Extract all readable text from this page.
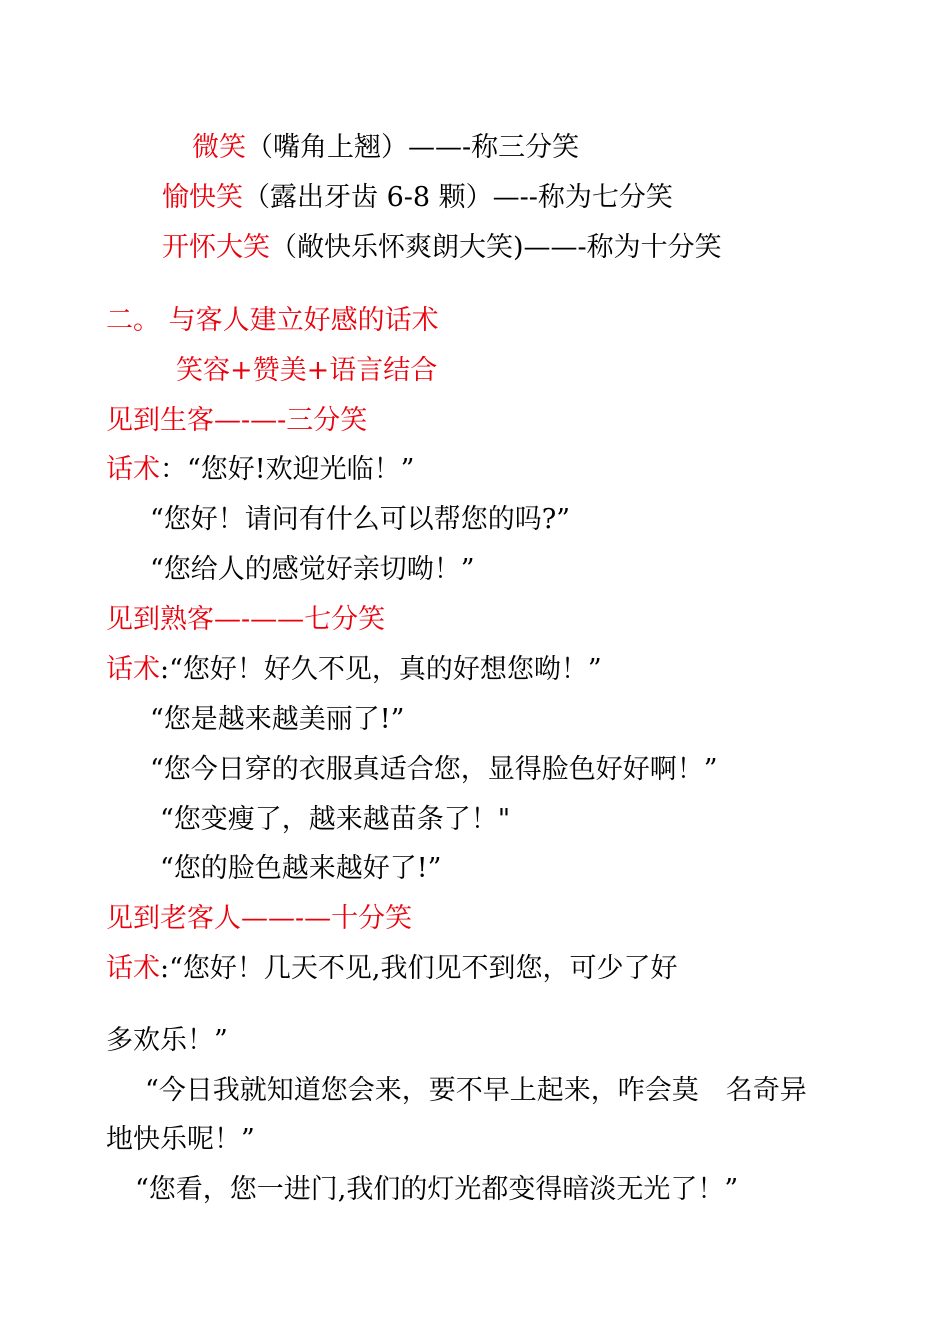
微笑（嘴角上翘）——-称三分笑
愉快笑（露出牙齿 6-8 颗）—--称为七分笑
开怀大笑（敞快乐怀爽朗大笑)——-称为十分笑
二。 与客人建立好感的话术
笑容+赞美+语言结合
见到生客—-—-三分笑
话术：“您好!欢迎光临！”
“您好！请问有什么可以帮您的吗?”
“您给人的感觉好亲切呦！”
见到熟客—-——七分笑
话术:“您好！好久不见，真的好想您呦！”
“您是越来越美丽了!”
“您今日穿的衣服真适合您，显得脸色好好啊！”
“您变瘦了，越来越苗条了！"
“您的脸色越来越好了!”
见到老客人——-—十分笑
话术:“您好！几天不见,我们见不到您，可少了好
多欢乐！”
“今日我就知道您会来，要不早上起来，咋会莫　名奇异
地快乐呢！”
“您看，您一进门,我们的灯光都变得暗淡无光了！”
